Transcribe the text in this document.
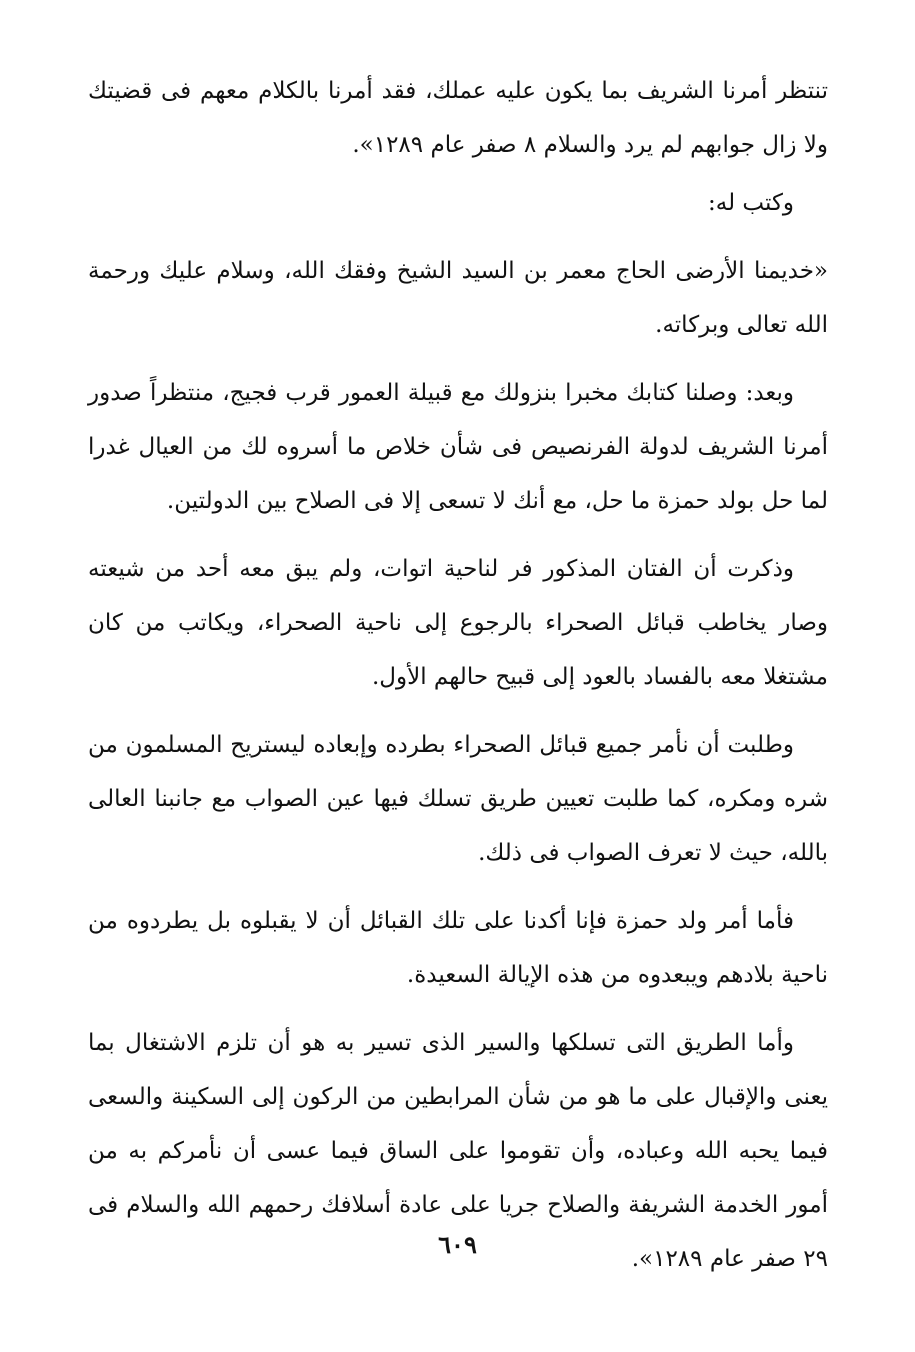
تنتظر أمرنا الشريف بما يكون عليه عملك، فقد أمرنا بالكلام معهم فى قضيتك ولا زال جوابهم لم يرد والسلام ٨ صفر عام ١٢٨٩».

وكتب له:

«خديمنا الأرضى الحاج معمر بن السيد الشيخ وفقك الله، وسلام عليك ورحمة الله تعالى وبركاته.

وبعد: وصلنا كتابك مخبرا بنزولك مع قبيلة العمور قرب فجيج، منتظراً صدور أمرنا الشريف لدولة الفرنصيص فى شأن خلاص ما أسروه لك من العيال غدرا لما حل بولد حمزة ما حل، مع أنك لا تسعى إلا فى الصلاح بين الدولتين.

وذكرت أن الفتان المذكور فر لناحية اتوات، ولم يبق معه أحد من شيعته وصار يخاطب قبائل الصحراء بالرجوع إلى ناحية الصحراء، ويكاتب من كان مشتغلا معه بالفساد بالعود إلى قبيح حالهم الأول.

وطلبت أن نأمر جميع قبائل الصحراء بطرده وإبعاده ليستريح المسلمون من شره ومكره، كما طلبت تعيين طريق تسلك فيها عين الصواب مع جانبنا العالى بالله، حيث لا تعرف الصواب فى ذلك.

فأما أمر ولد حمزة فإنا أكدنا على تلك القبائل أن لا يقبلوه بل يطردوه من ناحية بلادهم ويبعدوه من هذه الإيالة السعيدة.

وأما الطريق التى تسلكها والسير الذى تسير به هو أن تلزم الاشتغال بما يعنى والإقبال على ما هو من شأن المرابطين من الركون إلى السكينة والسعى فيما يحبه الله وعباده، وأن تقوموا على الساق فيما عسى أن نأمركم به من أمور الخدمة الشريفة والصلاح جريا على عادة أسلافك رحمهم الله والسلام فى ٢٩ صفر عام ١٢٨٩».

٦٠٩
